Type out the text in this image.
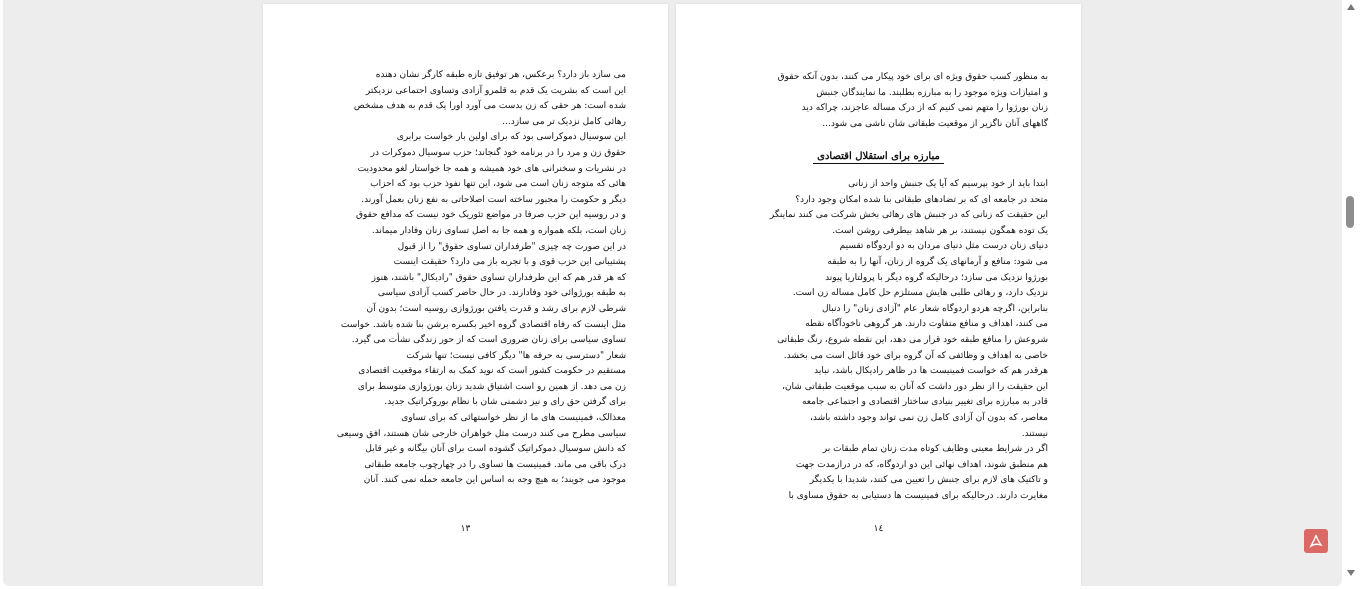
می سازد باز دارد؟ برعکس، هر توفیق تازه طبقه کارگر نشان دهنده
این است که بشریت یک قدم به قلمرو آزادی وتساوی اجتماعی نزدیکتر
شده است: هر حقی که زن بدست می آورد اورا یک قدم به هدف مشخص
رهائی کامل نزدیک تر می سازد...
این سوسیال دموکراسی بود که برای اولین بار خواست برابری
حقوق زن و مرد را در برنامه خود گنجاند؛ حزب سوسیال دموکرات در
در نشریات و سخنرانی های خود همیشه و همه جا خواستار لغو محدودیت
هائی که متوجه زنان است می شود، این تنها نفوذ حزب بود که احزاب
دیگر و حکومت را مجبور ساخته است اصلاحاتی به نفع زنان بعمل آورند.
و در روسیه این حزب صرفا در مواضع تئوریک خود نیست که مدافع حقوق
زنان است، بلکه همواره و همه جا به اصل تساوی زنان وفادار میماند.
در این صورت چه چیزی "طرفداران تساوی حقوق" را از قبول
پشتیبانی این حزب قوی و با تجربه باز می دارد؟ حقیقت اینست
که هر قدر هم که این طرفداران تساوی حقوق "رادیکال" باشند، هنوز
به طبقه بورژوائی خود وفادارند. در حال حاضر کسب آزادی سیاسی
شرطی لازم برای رشد و قدرت یافتن بورژوازی روسیه است؛ بدون آن
مثل اینست که رفاه اقتصادی گروه اخیر بکسره برشن بنا شده باشد. خواست
تساوی سیاسی برای زنان ضروری است که از حور زندگی نشأت می گیرد.
شعار "دسترسی به حرفه ها" دیگر کافی نیست؛ تنها شرکت
مستقیم در حکومت کشور است که نوید کمک به ارتقاء موقعیت اقتصادی
زن می دهد. از همین رو است اشتیاق شدید زنان بورژوازی متوسط برای
برای گرفتن حق رای و نیز دشمنی شان با نظام بوروکراتیک جدید.
معذالک، فمینیست های ما از نظر خواستهائی که برای تساوی
سیاسی مطرح می کنند درست مثل خواهران خارجی شان هستند، افق وسیعی
که دانش سوسیال دموکراتیک گشوده است برای آنان بیگانه و غیر قابل
درک باقی می ماند. فمینیست ها تساوی را در چهارچوب جامعه طبقاتی
موجود می جویند؛ به هیچ وجه به اساس این جامعه حمله نمی کنند. آنان
١٣
به منظور کسب حقوق ویژه ای برای خود پیکار می کنند، بدون آنکه حقوق
و امتیازات ویژه موجود را به مبارزه بطلبند. ما نمایندگان جنبش
زنان بورژوا را متهم نمی کنیم که از درک مساله عاجزند، چراکه دید
گاههای آنان ناگزیر از موقعیت طبقاتی شان ناشی می شود...
مبارزه برای استقلال اقتصادی
ابتدا باید از خود بپرسیم که آیا یک جنبش واحد از زنانی
متحد در جامعه ای که بر تضادهای طبقاتی بنا شده امکان وجود دارد؟
این حقیقت که زنانی که در جنبش های رهائی بخش شرکت می کنند نماینگر
یک توده همگون نیستند، بر هر شاهد بیطرفی روشن است.
دنیای زنان درست مثل دنیای مردان به دو اردوگاه تقسیم
می شود: منافع و آرمانهای یک گروه از زنان، آنها را به طبقه
بورژوا نزدیک می سازد؛ درحالیکه گروه دیگر با پرولتاریا پیوند
نزدیک دارد، و رهائی طلبی هایش مستلزم حل کامل مساله زن است.
بنابراین، اگرچه هردو اردوگاه شعار عام "آزادی زنان" را دنبال
می کنند، اهداف و منافع متفاوت دارند. هر گروهی ناخودآگاه نقطه
شروعش را منافع طبقه خود قرار می دهد، این نقطه شروع، رنگ طبقاتی
خاصی به اهداف و وظائفی که آن گروه برای خود قائل است می بخشد.
هرقدر هم که خواست فمینیست ها در ظاهر رادیکال باشد، نباید
این حقیقت را از نظر دور داشت که آنان به سبب موقعیت طبقاتی شان،
قادر به مبارزه برای تغییر بنیادی ساختار اقتصادی و اجتماعی جامعه
معاصر، که بدون آن آزادی کامل زن نمی تواند وجود داشته باشد،
نیستند.
اگر در شرایط معینی وظایف کوتاه مدت زنان تمام طبقات بر
هم منطبق شوند، اهداف نهائی این دو اردوگاه، که در درازمدت جهت
و تاکتیک های لازم برای جنبش را تعیین می کنند، شدیدا با یکدیگر
مغایرت دارند. درحالیکه برای فمینیست ها دستیابی به حقوق مساوی با
١٤
